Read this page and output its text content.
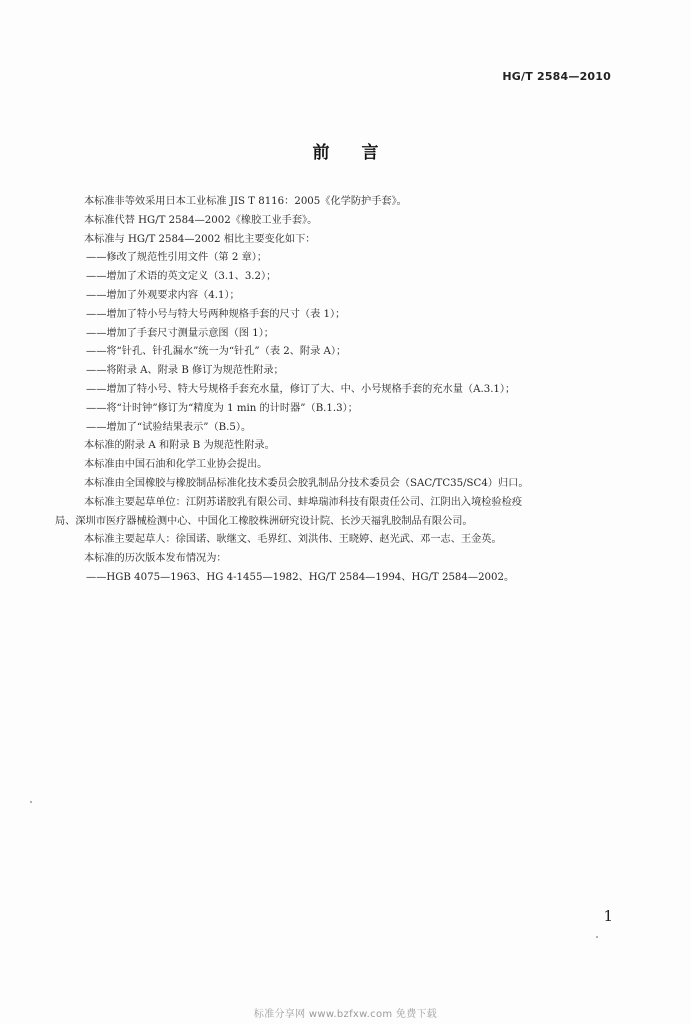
HG/T 2584—2010
前言

本标准非等效采用日本工业标准 JIS T 8116：2005《化学防护手套》。

本标准代替 HG/T 2584—2002《橡胶工业手套》。

本标准与 HG/T 2584—2002 相比主要变化如下：

——修改了规范性引用文件（第 2 章）；

——增加了术语的英文定义（3.1、3.2）；

——增加了外观要求内容（4.1）；

——增加了特小号与特大号两种规格手套的尺寸（表 1）；

——增加了手套尺寸测量示意图（图 1）；

——将“针孔、针孔漏水”统一为“针孔”（表 2、附录 A）；

——将附录 A、附录 B 修订为规范性附录；

——增加了特小号、特大号规格手套充水量，修订了大、中、小号规格手套的充水量（A.3.1）；

——将“计时钟”修订为“精度为 1 min 的计时器”（B.1.3）；

——增加了“试验结果表示”（B.5）。

本标准的附录 A 和附录 B 为规范性附录。

本标准由中国石油和化学工业协会提出。

本标准由全国橡胶与橡胶制品标准化技术委员会胶乳制品分技术委员会（SAC/TC35/SC4）归口。

本标准主要起草单位：江阴苏诺胶乳有限公司、蚌埠瑞沛科技有限责任公司、江阴出入境检验检疫

局、深圳市医疗器械检测中心、中国化工橡胶株洲研究设计院、长沙天福乳胶制品有限公司。

本标准主要起草人：徐国诺、耿继文、毛界红、刘洪伟、王晓婷、赵光武、邓一志、王金英。

本标准的历次版本发布情况为：

——HGB 4075—1963、HG 4-1455—1982、HG/T 2584—1994、HG/T 2584—2002。

1
标准分享网 www.bzfxw.com 免费下载
